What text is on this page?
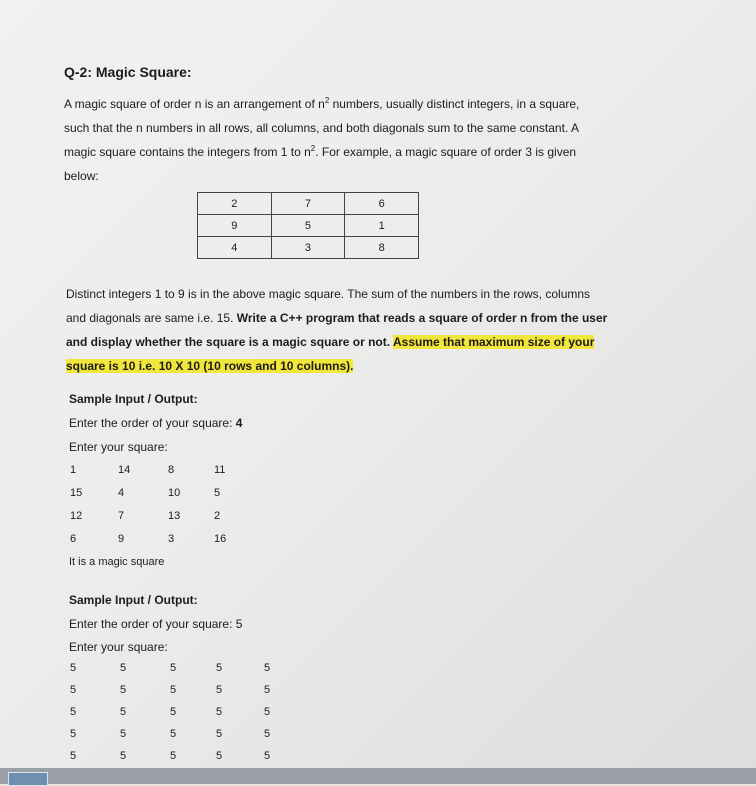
Q-2: Magic Square:
A magic square of order n is an arrangement of $n^2$ numbers, usually distinct integers, in a square,
such that the n numbers in all rows, all columns, and both diagonals sum to the same constant. A
magic square contains the integers from 1 to $n^2$. For example, a magic square of order 3 is given
below:
2	7	6
9	5	1
4	3	8
Distinct integers 1 to 9 is in the above magic square. The sum of the numbers in the rows, columns
and diagonals are same i.e. 15. Write a C++ program that reads a square of order n from the user
and display whether the square is a magic square or not. Assume that maximum size of your
square is 10 i.e. 10 X 10 (10 rows and 10 columns).
Sample Input / Output:
Enter the order of your square: 4
Enter your square:
1	14	8	11
15	4	10	5
12	7	13	2
6	9	3	16
It is a magic square
Sample Input / Output:
Enter the order of your square: 5
Enter your square:
5	5	5	5	5
5	5	5	5	5
5	5	5	5	5
5	5	5	5	5
5	5	5	5	5
